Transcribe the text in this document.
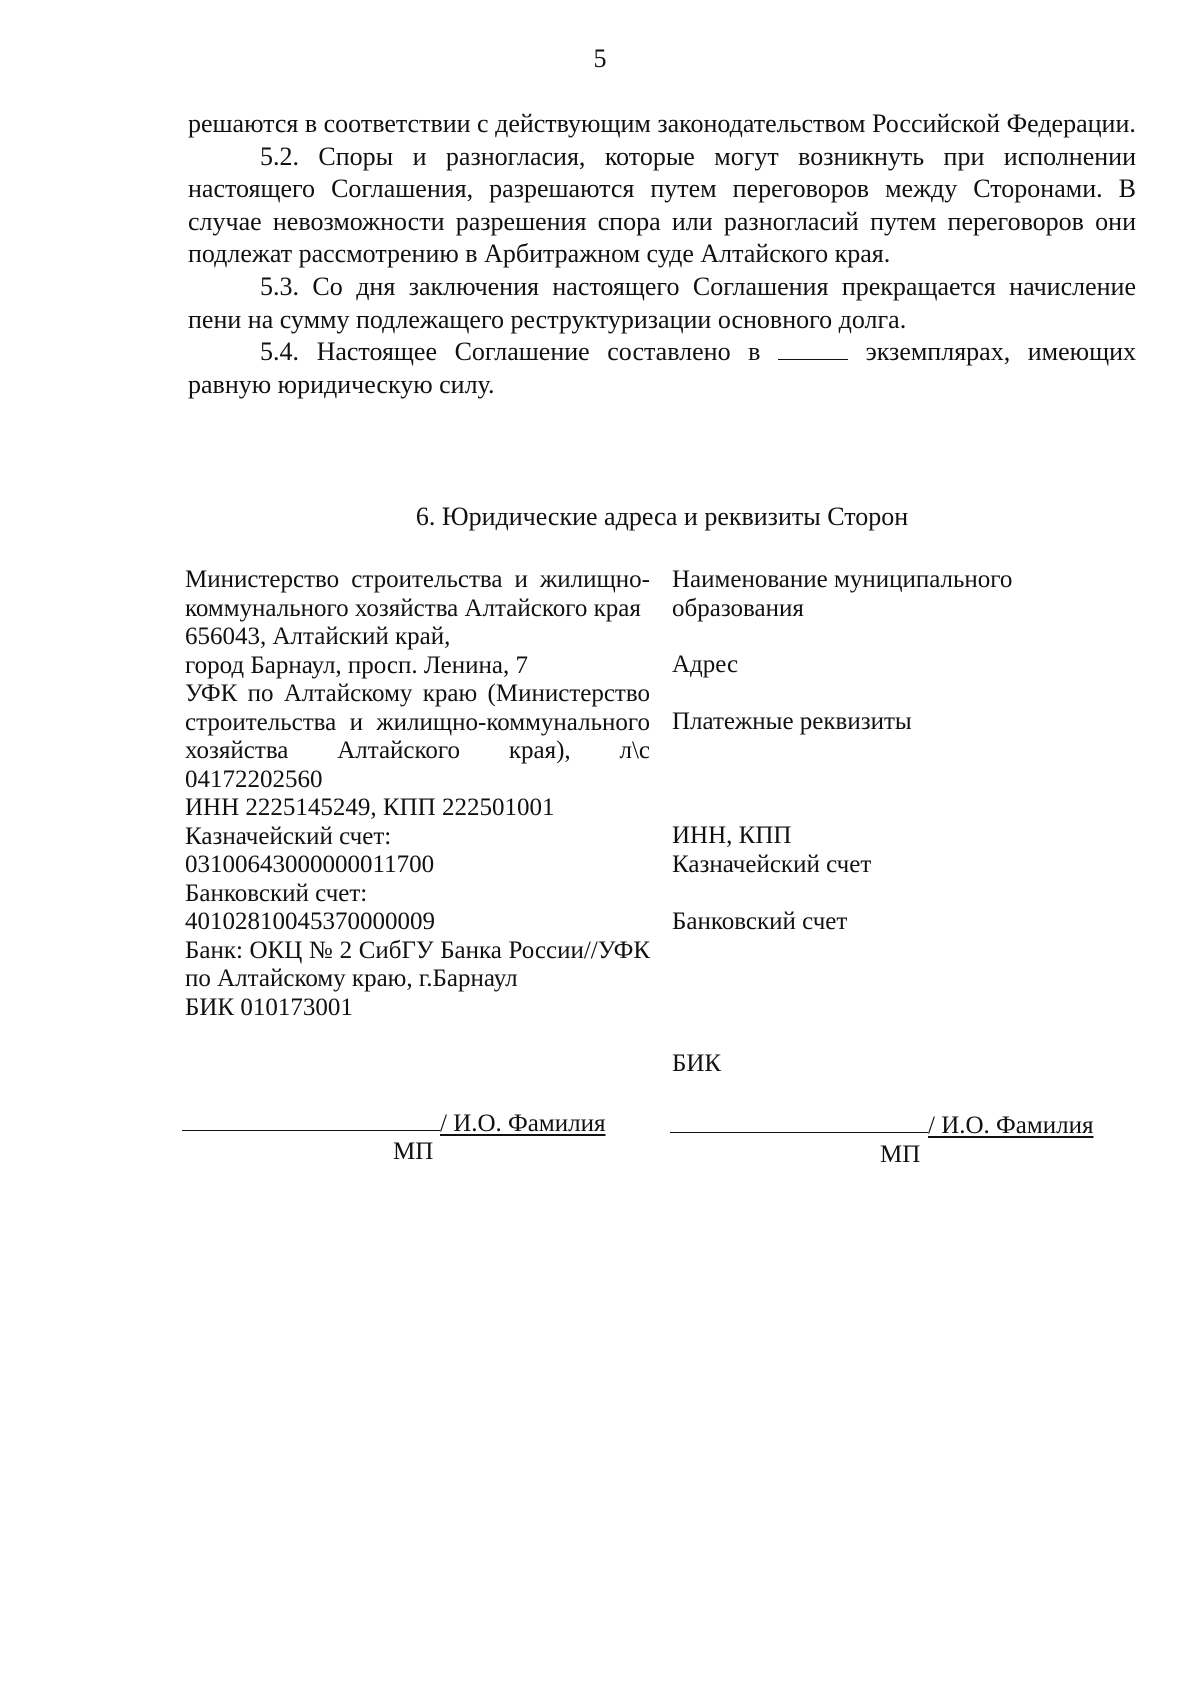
5

решаются в соответствии с действующим законодательством Российской Федерации.

5.2. Споры и разногласия, которые могут возникнуть при исполнении настоящего Соглашения, разрешаются путем переговоров между Сторонами. В случае невозможности разрешения спора или разногласий путем переговоров они подлежат рассмотрению в Арбитражном суде Алтайского края.

5.3. Со дня заключения настоящего Соглашения прекращается начисление пени на сумму подлежащего реструктуризации основного долга.

5.4. Настоящее Соглашение составлено в	экземплярах, имеющих равную юридическую силу.

6. Юридические адреса и реквизиты Сторон

Министерство строительства и жилищно-коммунального хозяйства Алтайского края

656043, Алтайский край,

город Барнаул, просп. Ленина, 7

УФК по Алтайскому краю (Министерство строительства и жилищно-коммунального хозяйства Алтайского края), л\с 04172202560

ИНН 2225145249, КПП 222501001

Казначейский счет:

03100643000000011700

Банковский счет:

40102810045370000009

Банк: ОКЦ № 2 СибГУ Банка России//УФК по Алтайскому краю, г.Барнаул

БИК 010173001

Наименование муниципального образования

Адрес

Платежные реквизиты

ИНН, КПП

Казначейский счет

Банковский счет

БИК

/ И.О. Фамилия
МП
/ И.О. Фамилия
МП
